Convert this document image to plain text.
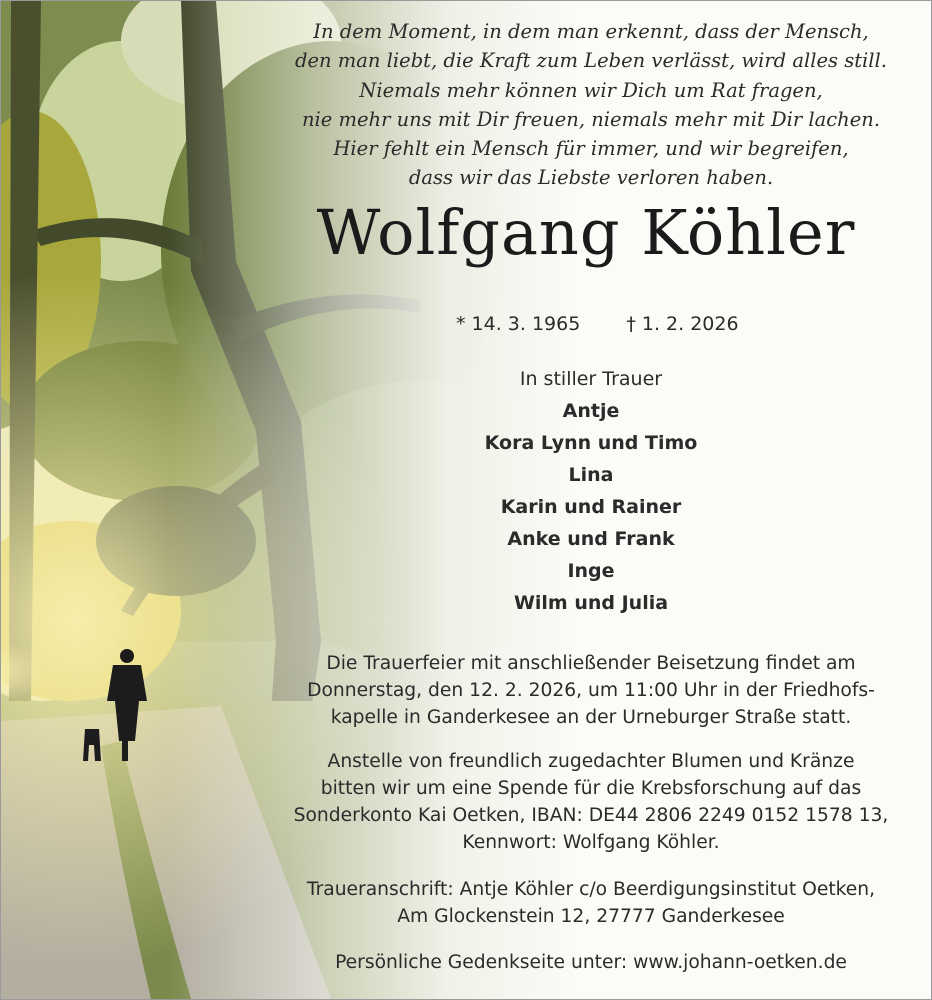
In dem Moment, in dem man erkennt, dass der Mensch,
den man liebt, die Kraft zum Leben verlässt, wird alles still.
Niemals mehr können wir Dich um Rat fragen,
nie mehr uns mit Dir freuen, niemals mehr mit Dir lachen.
Hier fehlt ein Mensch für immer, und wir begreifen,
dass wir das Liebste verloren haben.
Wolfgang Köhler
* 14. 3. 1965 † 1. 2. 2026
In stiller Trauer
Antje
Kora Lynn und Timo
Lina
Karin und Rainer
Anke und Frank
Inge
Wilm und Julia
Die Trauerfeier mit anschließender Beisetzung findet am
Donnerstag, den 12. 2. 2026, um 11:00 Uhr in der Friedhofs-
kapelle in Ganderkesee an der Urneburger Straße statt.
Anstelle von freundlich zugedachter Blumen und Kränze
bitten wir um eine Spende für die Krebsforschung auf das
Sonderkonto Kai Oetken, IBAN: DE44 2806 2249 0152 1578 13,
Kennwort: Wolfgang Köhler.
Traueranschrift: Antje Köhler c/o Beerdigungsinstitut Oetken,
Am Glockenstein 12, 27777 Ganderkesee
Persönliche Gedenkseite unter: www.johann-oetken.de
